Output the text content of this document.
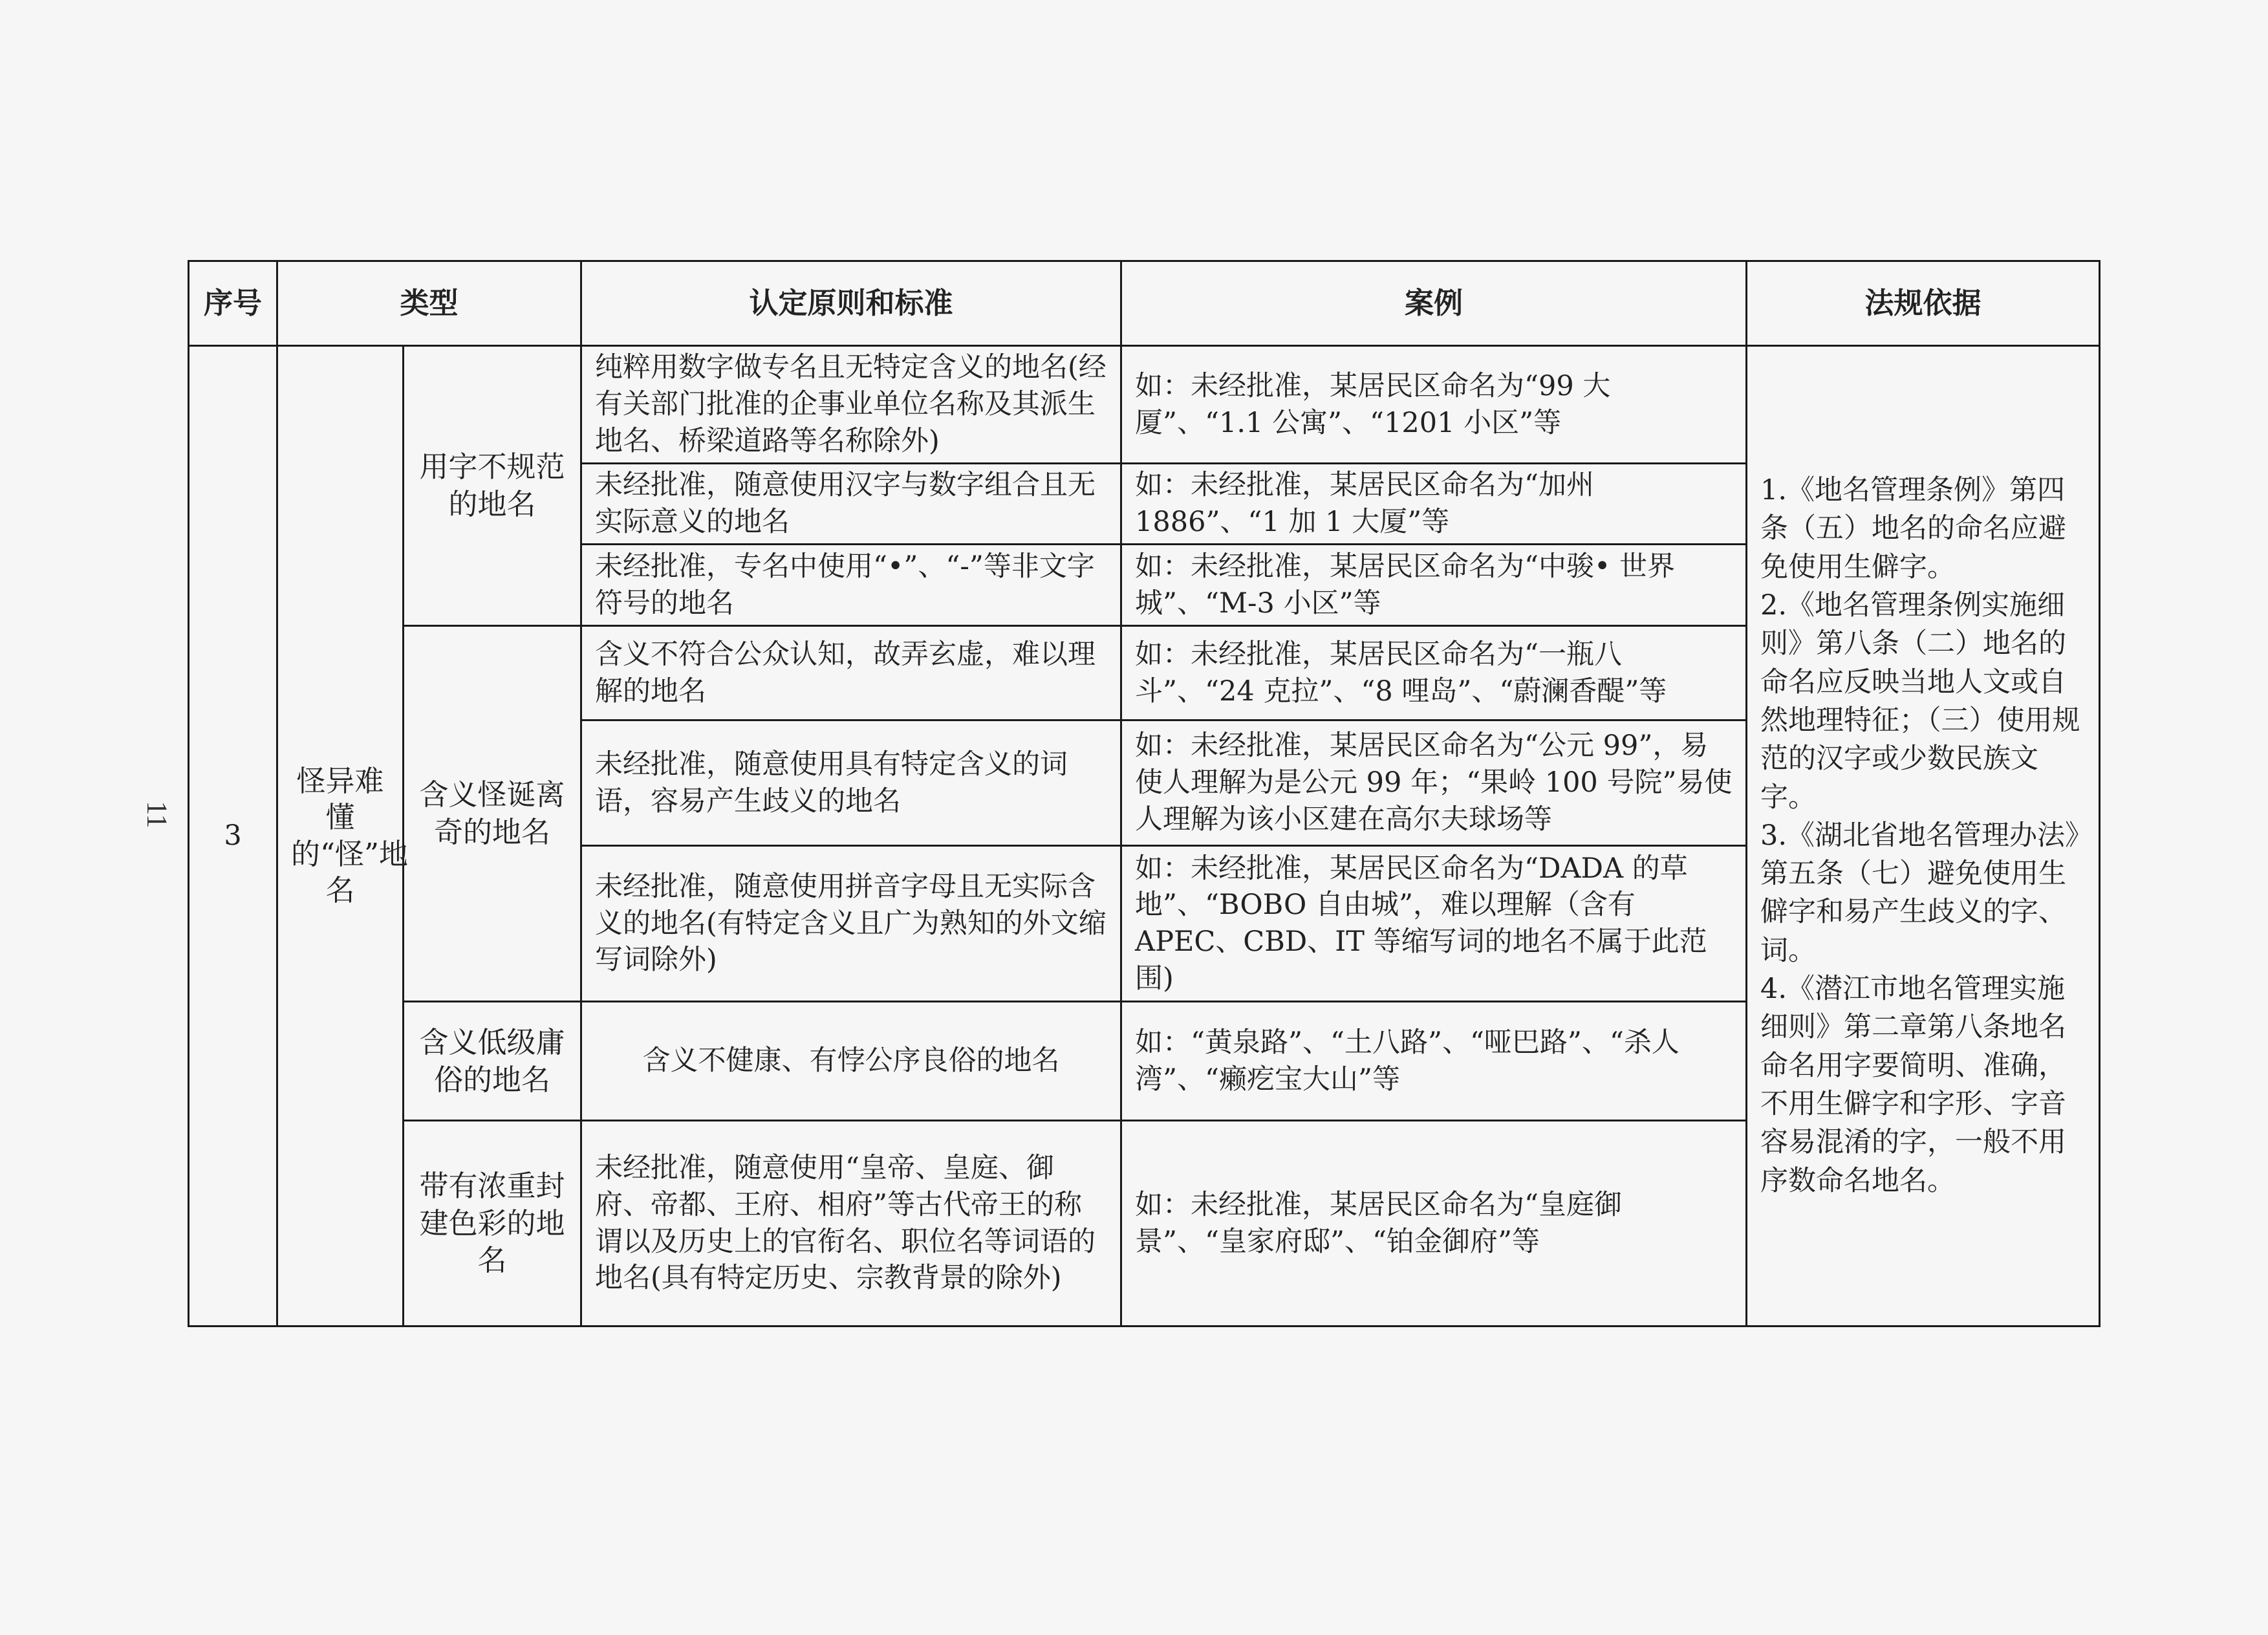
11
序号	类型		认定原则和标准	案例	法规依据
3	怪异难懂的“怪”地名	用字不规范的地名	纯粹用数字做专名且无特定含义的地名(经有关部门批准的企事业单位名称及其派生地名、桥梁道路等名称除外)	如：未经批准，某居民区命名为“99 大厦”、“1.1 公寓”、“1201 小区”等	1.《地名管理条例》第四条（五）地名的命名应避免使用生僻字。
2.《地名管理条例实施细则》第八条（二）地名的命名应反映当地人文或自然地理特征；（三）使用规范的汉字或少数民族文字。
3.《湖北省地名管理办法》第五条（七）避免使用生僻字和易产生歧义的字、词。
4.《潜江市地名管理实施细则》第二章第八条地名命名用字要简明、准确，不用生僻字和字形、字音容易混淆的字，一般不用序数命名地名。

			未经批准，随意使用汉字与数字组合且无实际意义的地名	如：未经批准，某居民区命名为“加州 1886”、“1 加 1 大厦”等	
			未经批准，专名中使用“•”、“-”等非文字符号的地名	如：未经批准，某居民区命名为“中骏• 世界城”、“M-3 小区”等	
		含义怪诞离奇的地名	含义不符合公众认知，故弄玄虚，难以理解的地名	如：未经批准，某居民区命名为“一瓶八斗”、“24 克拉”、“8 哩岛”、“蔚澜香醍”等	
			未经批准，随意使用具有特定含义的词语，容易产生歧义的地名	如：未经批准，某居民区命名为“公元 99”，易使人理解为是公元 99 年；“果岭 100 号院”易使人理解为该小区建在高尔夫球场等	
			未经批准，随意使用拼音字母且无实际含义的地名(有特定含义且广为熟知的外文缩写词除外)	如：未经批准，某居民区命名为“DADA 的草地”、“BOBO 自由城”，难以理解（含有 APEC、CBD、IT 等缩写词的地名不属于此范围)	
		含义低级庸俗的地名	含义不健康、有悖公序良俗的地名	如：“黄泉路”、“土八路”、“哑巴路”、“杀人湾”、“癞疙宝大山”等	
		带有浓重封建色彩的地名	未经批准，随意使用“皇帝、皇庭、御府、帝都、王府、相府”等古代帝王的称谓以及历史上的官衔名、职位名等词语的地名(具有特定历史、宗教背景的除外)	如：未经批准，某居民区命名为“皇庭御景”、“皇家府邸”、“铂金御府”等	
